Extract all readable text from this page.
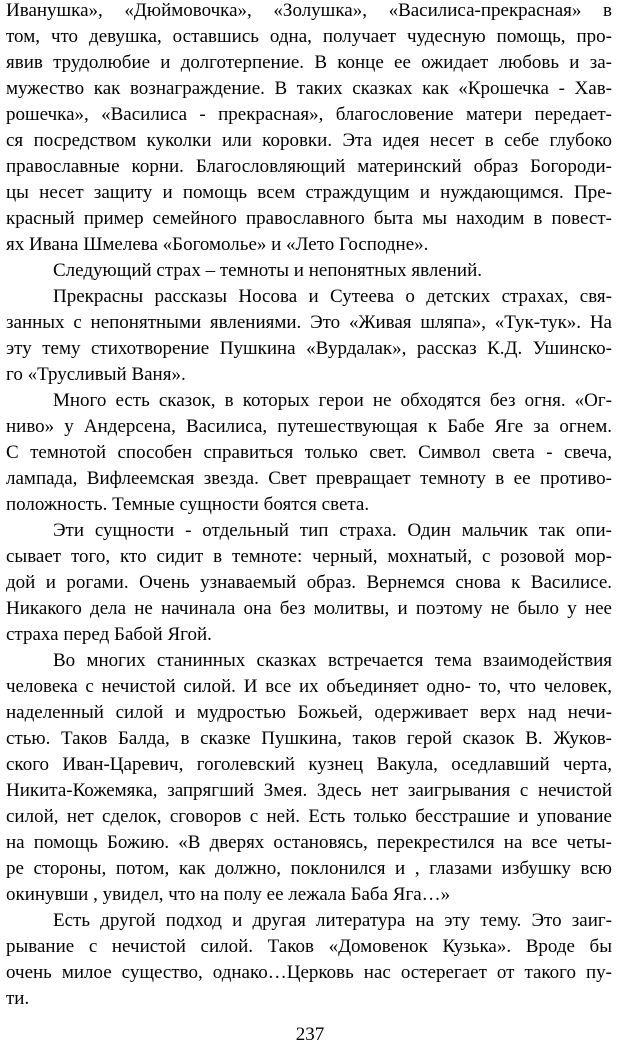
Иванушка», «Дюймовочка», «Золушка», «Василиса-прекрасная» в
том, что девушка, оставшись одна, получает чудесную помощь, про-
явив трудолюбие и долготерпение. В конце ее ожидает любовь и за-
мужество как вознаграждение. В таких сказках как «Крошечка - Хав-
рошечка», «Василиса - прекрасная», благословение матери передает-
ся посредством куколки или коровки. Эта идея несет в себе глубоко
православные корни. Благословляющий материнский образ Богороди-
цы несет защиту и помощь всем страждущим и нуждающимся. Пре-
красный пример семейного православного быта мы находим в повест-
ях Ивана Шмелева «Богомолье» и «Лето Господне».
Следующий страх – темноты и непонятных явлений.
Прекрасны рассказы Носова и Сутеева о детских страхах, свя-
занных с непонятными явлениями. Это «Живая шляпа», «Тук-тук». На
эту тему стихотворение Пушкина «Вурдалак», рассказ К.Д. Ушинско-
го «Трусливый Ваня».
Много есть сказок, в которых герои не обходятся без огня. «Ог-
ниво» у Андерсена, Василиса, путешествующая к Бабе Яге за огнем.
С темнотой способен справиться только свет. Символ света - свеча,
лампада, Вифлеемская звезда. Свет превращает темноту в ее противо-
положность. Темные сущности боятся света.
Эти сущности - отдельный тип страха. Один мальчик так опи-
сывает того, кто сидит в темноте: черный, мохнатый, с розовой мор-
дой и рогами. Очень узнаваемый образ. Вернемся снова к Василисе.
Никакого дела не начинала она без молитвы, и поэтому не было у нее
страха перед Бабой Ягой.
Во многих станинных сказках встречается тема взаимодействия
человека с нечистой силой. И все их объединяет одно- то, что человек,
наделенный силой и мудростью Божьей, одерживает верх над нечи-
стью. Таков Балда, в сказке Пушкина, таков герой сказок В. Жуков-
ского Иван-Царевич, гоголевский кузнец Вакула, оседлавший черта,
Никита-Кожемяка, запрягший Змея. Здесь нет заигрывания с нечистой
силой, нет сделок, сговоров с ней. Есть только бесстрашие и упование
на помощь Божию. «В дверях остановясь, перекрестился на все четы-
ре стороны, потом, как должно, поклонился и , глазами избушку всю
окинувши , увидел, что на полу ее лежала Баба Яга…»
Есть другой подход и другая литература на эту тему. Это заиг-
рывание с нечистой силой. Таков «Домовенок Кузька». Вроде бы
очень милое существо, однако…Церковь нас остерегает от такого пу-
ти.
237
